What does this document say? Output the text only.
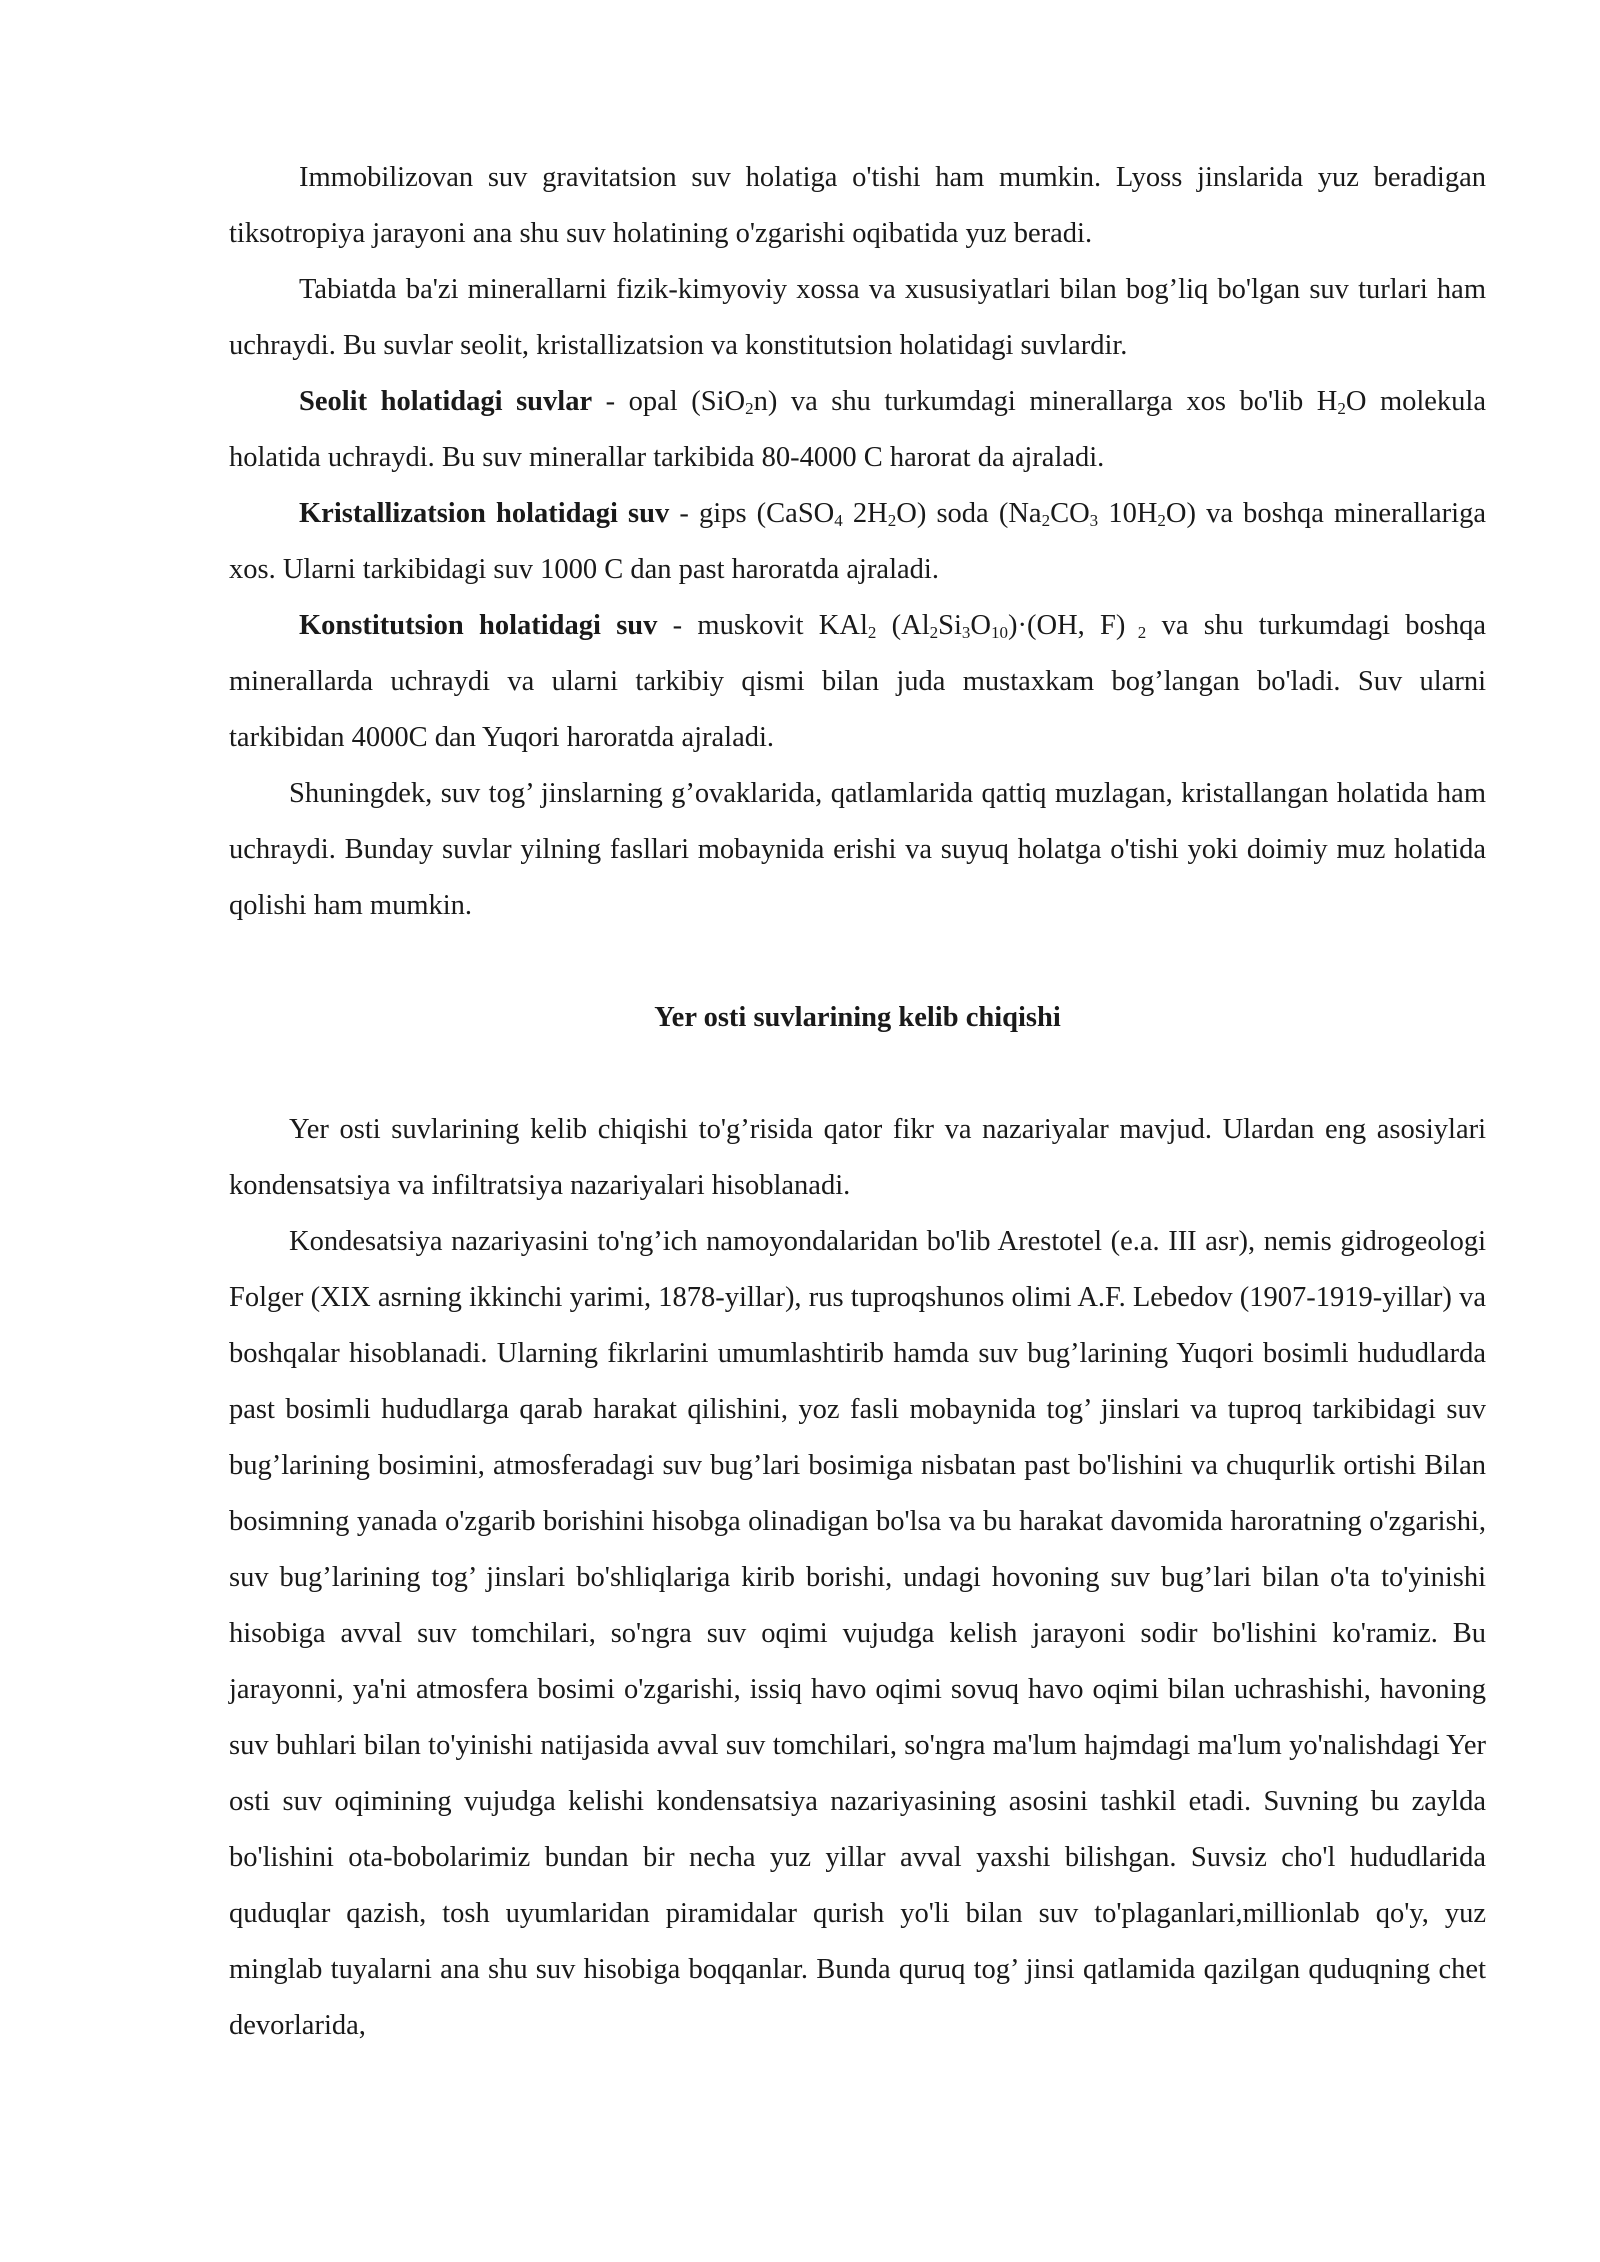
Immobilizovan suv gravitatsion suv holatiga o'tishi ham mumkin. Lyoss jinslarida yuz beradigan tiksotropiya jarayoni ana shu suv holatining o'zgarishi oqibatida yuz beradi.

Tabiatda ba'zi minerallarni fizik-kimyoviy xossa va xususiyatlari bilan bog’liq bo'lgan suv turlari ham uchraydi. Bu suvlar seolit, kristallizatsion va konstitutsion holatidagi suvlardir.

Seolit holatidagi suvlar - opal (SiO$_2$n) va shu turkumdagi minerallarga xos bo'lib $H_2O$ molekula holatida uchraydi. Bu suv minerallar tarkibida 80-4000 C harorat da ajraladi.

Kristallizatsion holatidagi suv - gips (CaSO$_4$ $2H_2O$) soda ($Na_2CO_3$ $10H_2O$) va boshqa minerallariga xos. Ularni tarkibidagi suv 1000 C dan past haroratda ajraladi.

Konstitutsion holatidagi suv - muskovit KAl$_2$ $(Al_2Si_3O_{10})\cdot(OH$, F) $_2$ va shu turkumdagi boshqa minerallarda uchraydi va ularni tarkibiy qismi bilan juda mustaxkam bog’langan bo'ladi. Suv ularni tarkibidan 4000C dan Yuqori haroratda ajraladi.

Shuningdek, suv tog’ jinslarning g’ovaklarida, qatlamlarida qattiq muzlagan, kristallangan holatida ham uchraydi. Bunday suvlar yilning fasllari mobaynida erishi va suyuq holatga o'tishi yoki doimiy muz holatida qolishi ham mumkin.

Yer osti suvlarining kelib chiqishi

Yer osti suvlarining kelib chiqishi to'g’risida qator fikr va nazariyalar mavjud. Ulardan eng asosiylari kondensatsiya va infiltratsiya nazariyalari hisoblanadi.

Kondesatsiya nazariyasini to'ng’ich namoyondalaridan bo'lib Arestotel (e.a. III asr), nemis gidrogeologi Folger (XIX asrning ikkinchi yarimi, 1878-yillar), rus tuproqshunos olimi A.F. Lebedov (1907-1919-yillar) va boshqalar hisoblanadi. Ularning fikrlarini umumlashtirib hamda suv bug’larining Yuqori bosimli hududlarda past bosimli hududlarga qarab harakat qilishini, yoz fasli mobaynida tog’ jinslari va tuproq tarkibidagi suv bug’larining bosimini, atmosferadagi suv bug’lari bosimiga nisbatan past bo'lishini va chuqurlik ortishi Bilan bosimning yanada o'zgarib borishini hisobga olinadigan bo'lsa va bu harakat davomida haroratning o'zgarishi, suv bug’larining tog’ jinslari bo'shliqlariga kirib borishi, undagi hovoning suv bug’lari bilan o'ta to'yinishi hisobiga avval suv tomchilari, so'ngra suv oqimi vujudga kelish jarayoni sodir bo'lishini ko'ramiz. Bu jarayonni, ya'ni atmosfera bosimi o'zgarishi, issiq havo oqimi sovuq havo oqimi bilan uchrashishi, havoning suv buhlari bilan to'yinishi natijasida avval suv tomchilari, so'ngra ma'lum hajmdagi ma'lum yo'nalishdagi Yer osti suv oqimining vujudga kelishi kondensatsiya nazariyasining asosini tashkil etadi. Suvning bu zaylda bo'lishini ota-bobolarimiz bundan bir necha yuz yillar avval yaxshi bilishgan. Suvsiz cho'l hududlarida quduqlar qazish, tosh uyumlaridan piramidalar qurish yo'li bilan suv to'plaganlari,millionlab qo'y, yuz minglab tuyalarni ana shu suv hisobiga boqqanlar. Bunda quruq tog’ jinsi qatlamida qazilgan quduqning chet devorlarida,
